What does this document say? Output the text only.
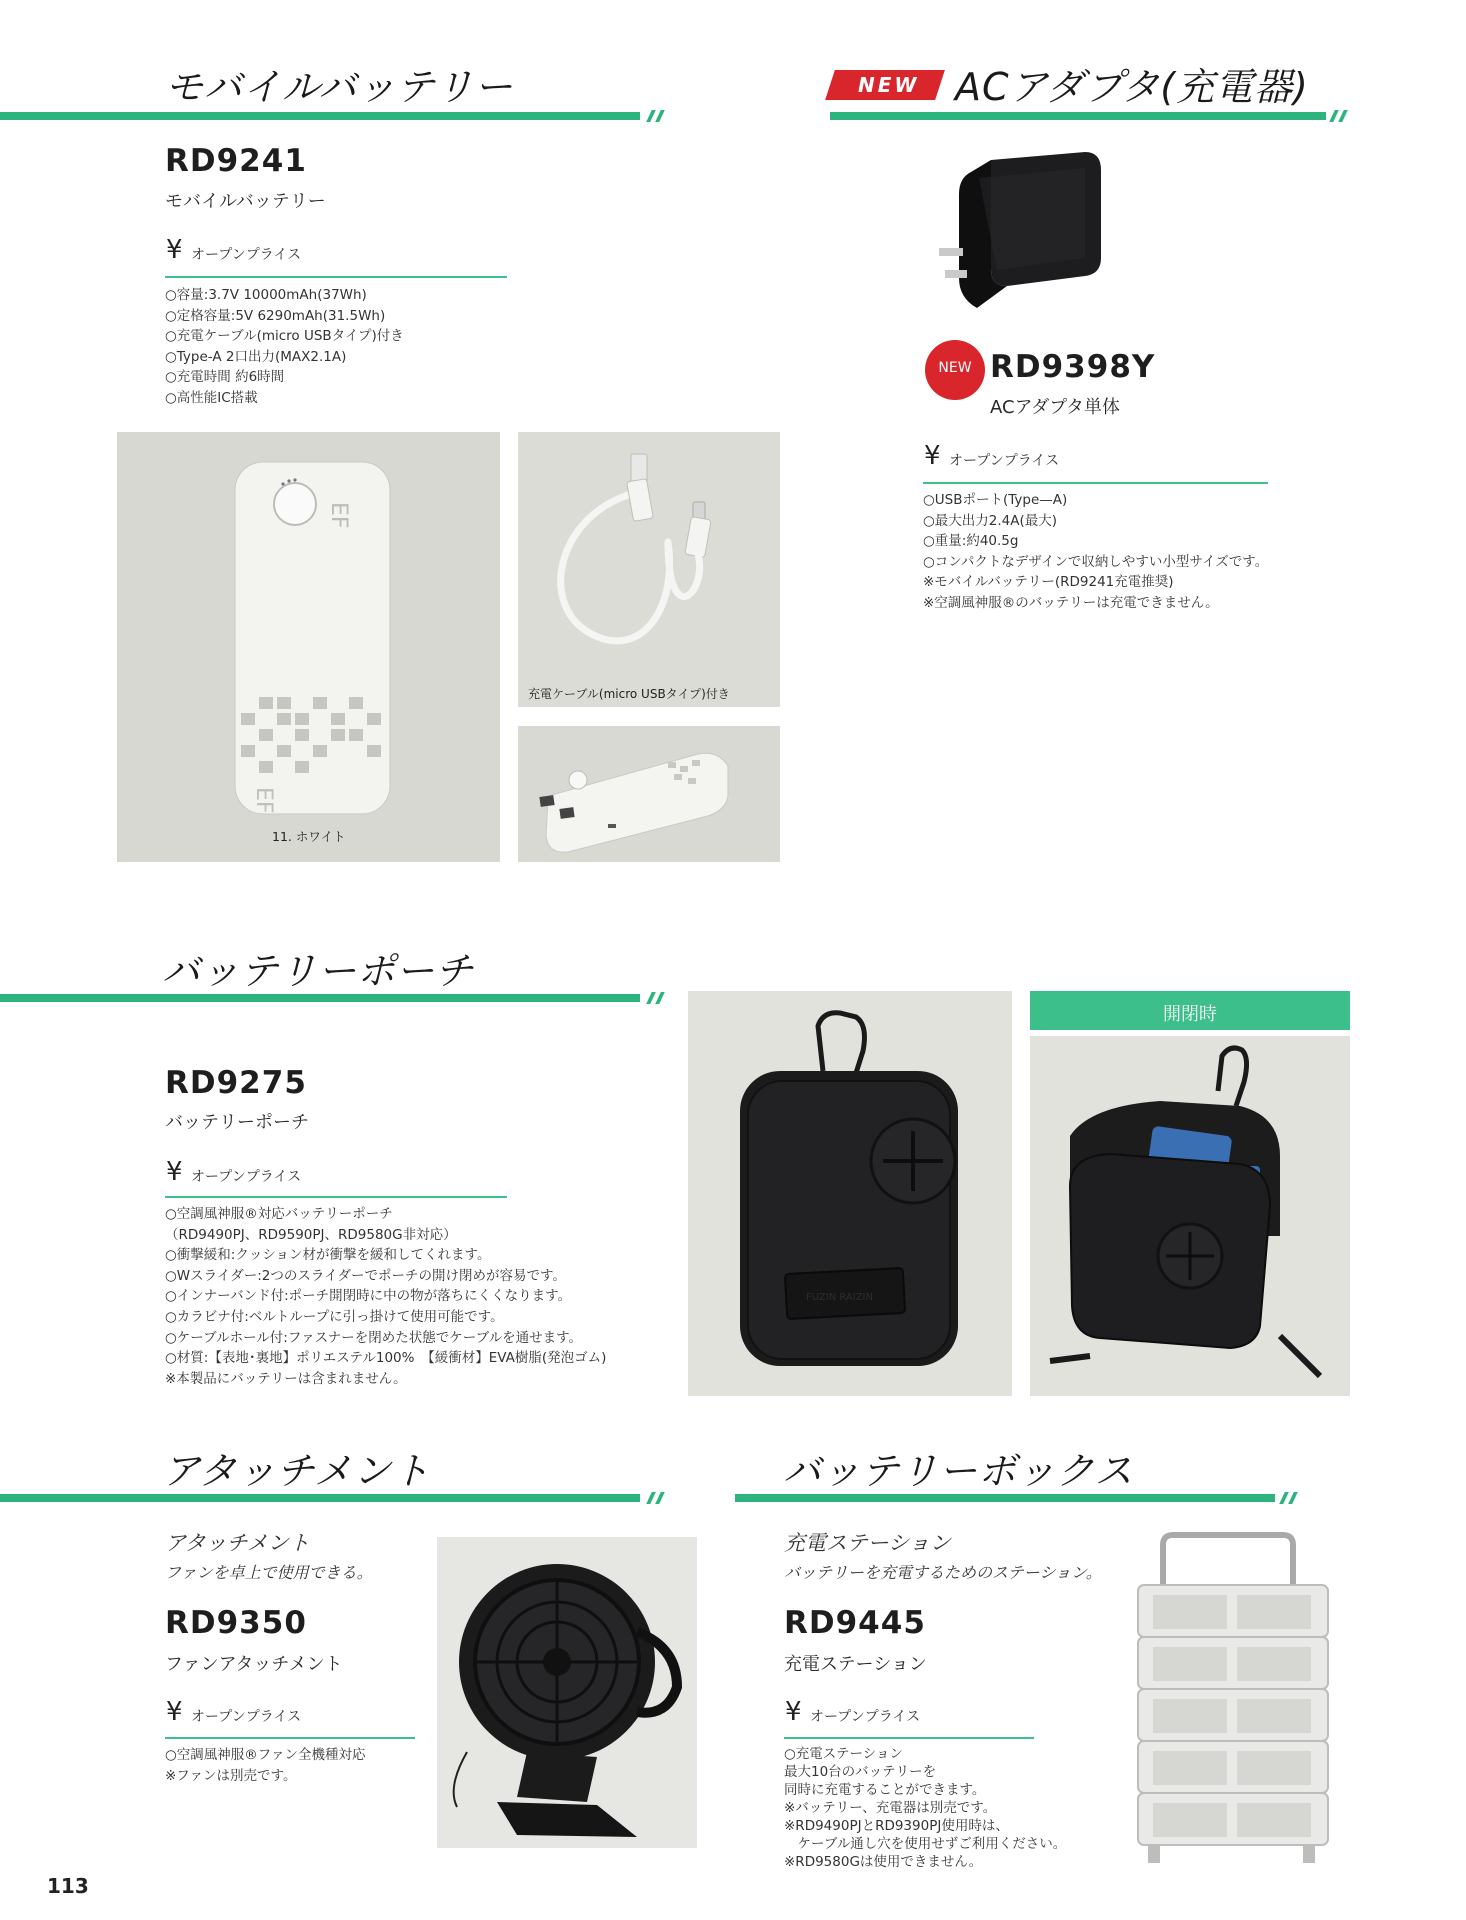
モバイルバッテリー
RD9241
モバイルバッテリー
¥ オープンプライス
○容量:3.7V 10000mAh(37Wh)
○定格容量:5V 6290mAh(31.5Wh)
○充電ケーブル(micro USBタイプ)付き
○Type-A 2口出力(MAX2.1A)
○充電時間 約6時間
○高性能IC搭載
EF
EF
11. ホワイト
充電ケーブル(micro USBタイプ)付き
NEW ACアダプタ(充電器)
NEW RD9398Y
ACアダプタ単体
¥ オープンプライス
○USBポート(Type—A)
○最大出力2.4A(最大)
○重量:約40.5g
○コンパクトなデザインで収納しやすい小型サイズです。
※モバイルバッテリー(RD9241充電推奨)
※空調風神服®のバッテリーは充電できません。
バッテリーポーチ
RD9275
バッテリーポーチ
¥ オープンプライス
○空調風神服®対応バッテリーポーチ
（RD9490PJ、RD9590PJ、RD9580G非対応）
○衝撃緩和:クッション材が衝撃を緩和してくれます。
○Wスライダー:2つのスライダーでポーチの開け閉めが容易です。
○インナーバンド付:ポーチ開閉時に中の物が落ちにくくなります。
○カラビナ付:ベルトループに引っ掛けて使用可能です。
○ケーブルホール付:ファスナーを閉めた状態でケーブルを通せます。
○材質:【表地･裏地】ポリエステル100%　【緩衝材】EVA樹脂(発泡ゴム)
※本製品にバッテリーは含まれません。
FUZIN RAIZIN
開閉時
アタッチメント
アタッチメント
ファンを卓上で使用できる。
RD9350
ファンアタッチメント
¥ オープンプライス
○空調風神服®ファン全機種対応
※ファンは別売です。
バッテリーボックス
充電ステーション
バッテリーを充電するためのステーション。
RD9445
充電ステーション
¥ オープンプライス
○充電ステーション
最大10台のバッテリーを
同時に充電することができます。
※バッテリー、充電器は別売です。
※RD9490PJとRD9390PJ使用時は、
　ケーブル通し穴を使用せずご利用ください。
※RD9580Gは使用できません。
113
